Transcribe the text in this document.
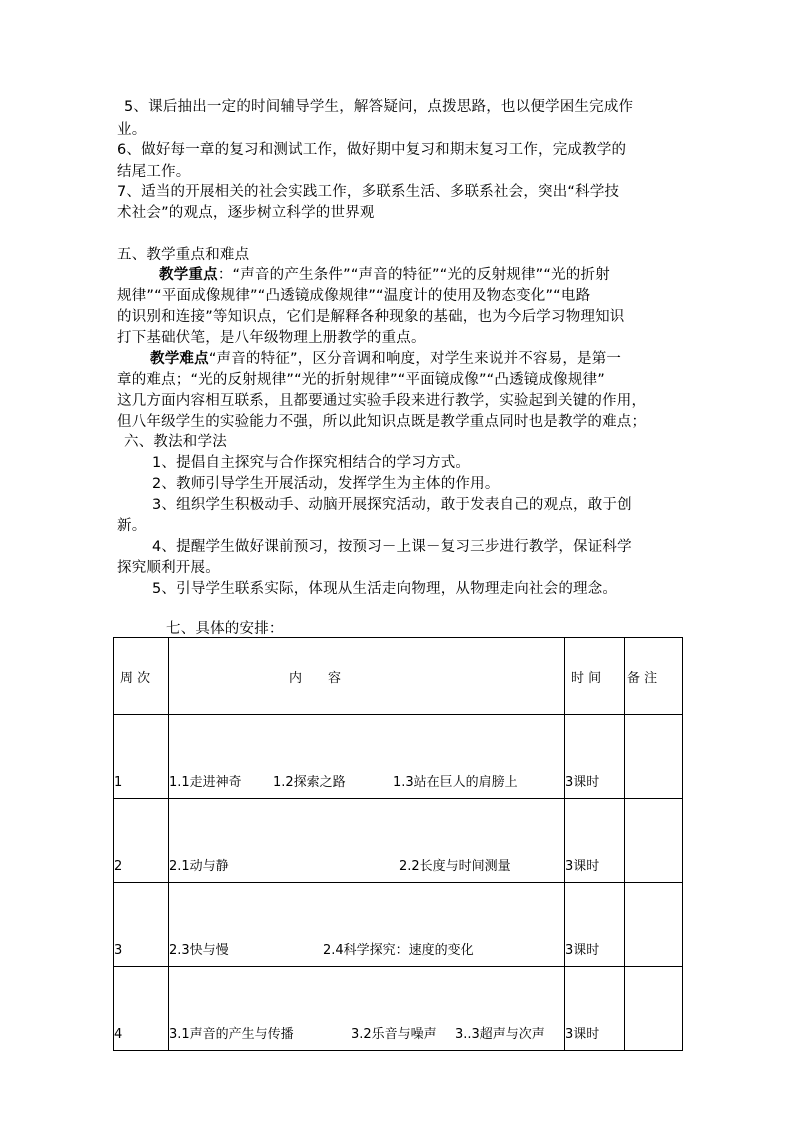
5、课后抽出一定的时间辅导学生，解答疑问，点拨思路，也以便学困生完成作
业。
6、做好每一章的复习和测试工作，做好期中复习和期末复习工作，完成教学的
结尾工作。
7、适当的开展相关的社会实践工作，多联系生活、多联系社会，突出“科学技
术社会”的观点，逐步树立科学的世界观
五、教学重点和难点
教学重点：“声音的产生条件”“声音的特征”“光的反射规律”“光的折射
规律”“平面成像规律”“凸透镜成像规律”“温度计的使用及物态变化”“电路
的识别和连接”等知识点，它们是解释各种现象的基础，也为今后学习物理知识
打下基础伏笔，是八年级物理上册教学的重点。
教学难点“声音的特征”，区分音调和响度，对学生来说并不容易，是第一
章的难点；“光的反射规律”“光的折射规律”“平面镜成像”“凸透镜成像规律”
这几方面内容相互联系，且都要通过实验手段来进行教学，实验起到关键的作用，
但八年级学生的实验能力不强，所以此知识点既是教学重点同时也是教学的难点；
六、教法和学法
1、提倡自主探究与合作探究相结合的学习方式。
2、教师引导学生开展活动，发挥学生为主体的作用。
3、组织学生积极动手、动脑开展探究活动，敢于发表自己的观点，敢于创
新。
4、提醒学生做好课前预习，按预习－上课－复习三步进行教学，保证科学
探究顺利开展。
5、引导学生联系实际，体现从生活走向物理，从物理走向社会的理念。
七、具体的安排：
周 次	内　　容	时 间	备 注
1	1.1走进神奇 1.2探索之路 1.3站在巨人的肩膀上	3课时	
2	2.1动与静 2.2长度与时间测量	3课时	
3	2.3快与慢 2.4科学探究：速度的变化	3课时	
4	3.1声音的产生与传播 3.2乐音与噪声 3..3超声与次声	3课时	
